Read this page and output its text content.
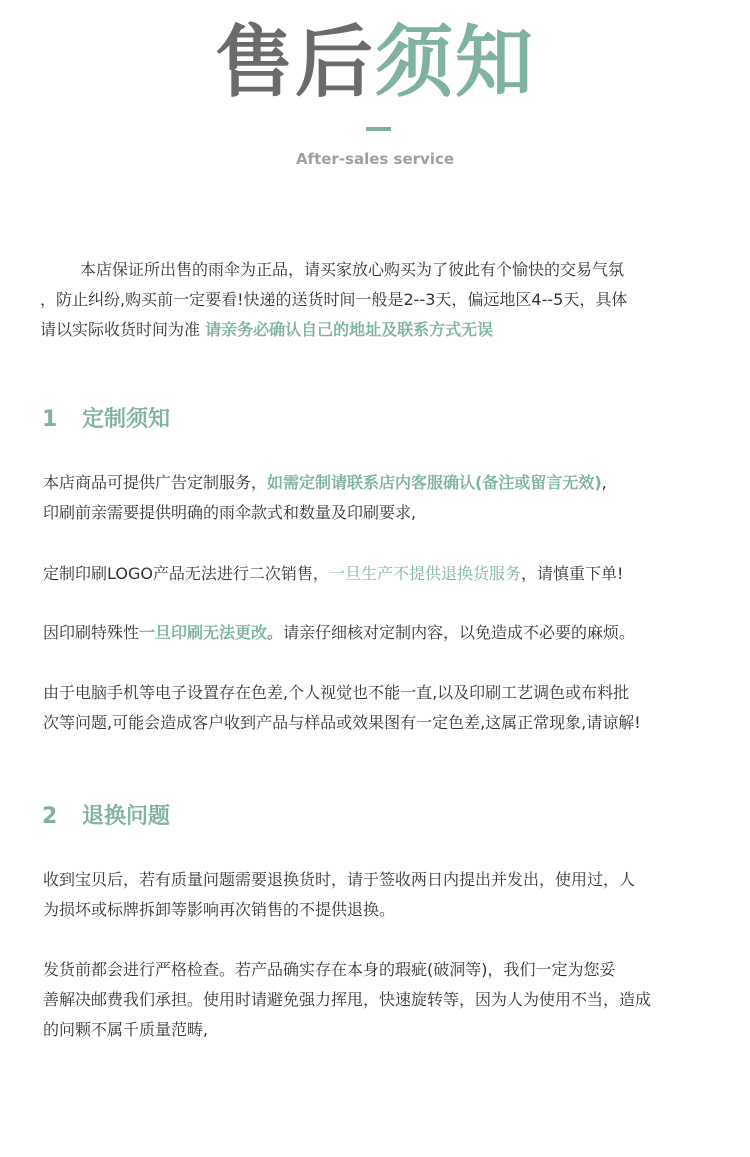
售后须知
After-sales service
本店保证所出售的雨伞为正品，请买家放心购买为了彼此有个愉快的交易气氛
，防止纠纷,购买前一定要看!快递的送货时间一般是2--3天，偏远地区4--5天，具体
请以实际收货时间为准 请亲务必确认自己的地址及联系方式无误
1 定制须知
本店商品可提供广告定制服务，如需定制请联系店内客服确认(备注或留言无效),
印刷前亲需要提供明确的雨伞款式和数量及印刷要求,
定制印刷LOGO产品无法进行二次销售，一旦生产不提供退换货服务，请慎重下单!
因印刷特殊性一旦印刷无法更改。请亲仔细核对定制内容，以免造成不必要的麻烦。
由于电脑手机等电子设置存在色差,个人视觉也不能一直,以及印刷工艺调色或布料批
次等问题,可能会造成客户收到产品与样品或效果图有一定色差,这属正常现象,请谅解!
2 退换问题
收到宝贝后，若有质量问题需要退换货时，请于签收两日内提出并发出，使用过，人
为损坏或标牌拆卸等影响再次销售的不提供退换。
发货前都会进行严格检查。若产品确实存在本身的瑕疵(破洞等)，我们一定为您妥
善解决邮费我们承担。使用时请避免强力挥甩，快速旋转等，因为人为使用不当，造成
的问颗不属千质量范畴,
